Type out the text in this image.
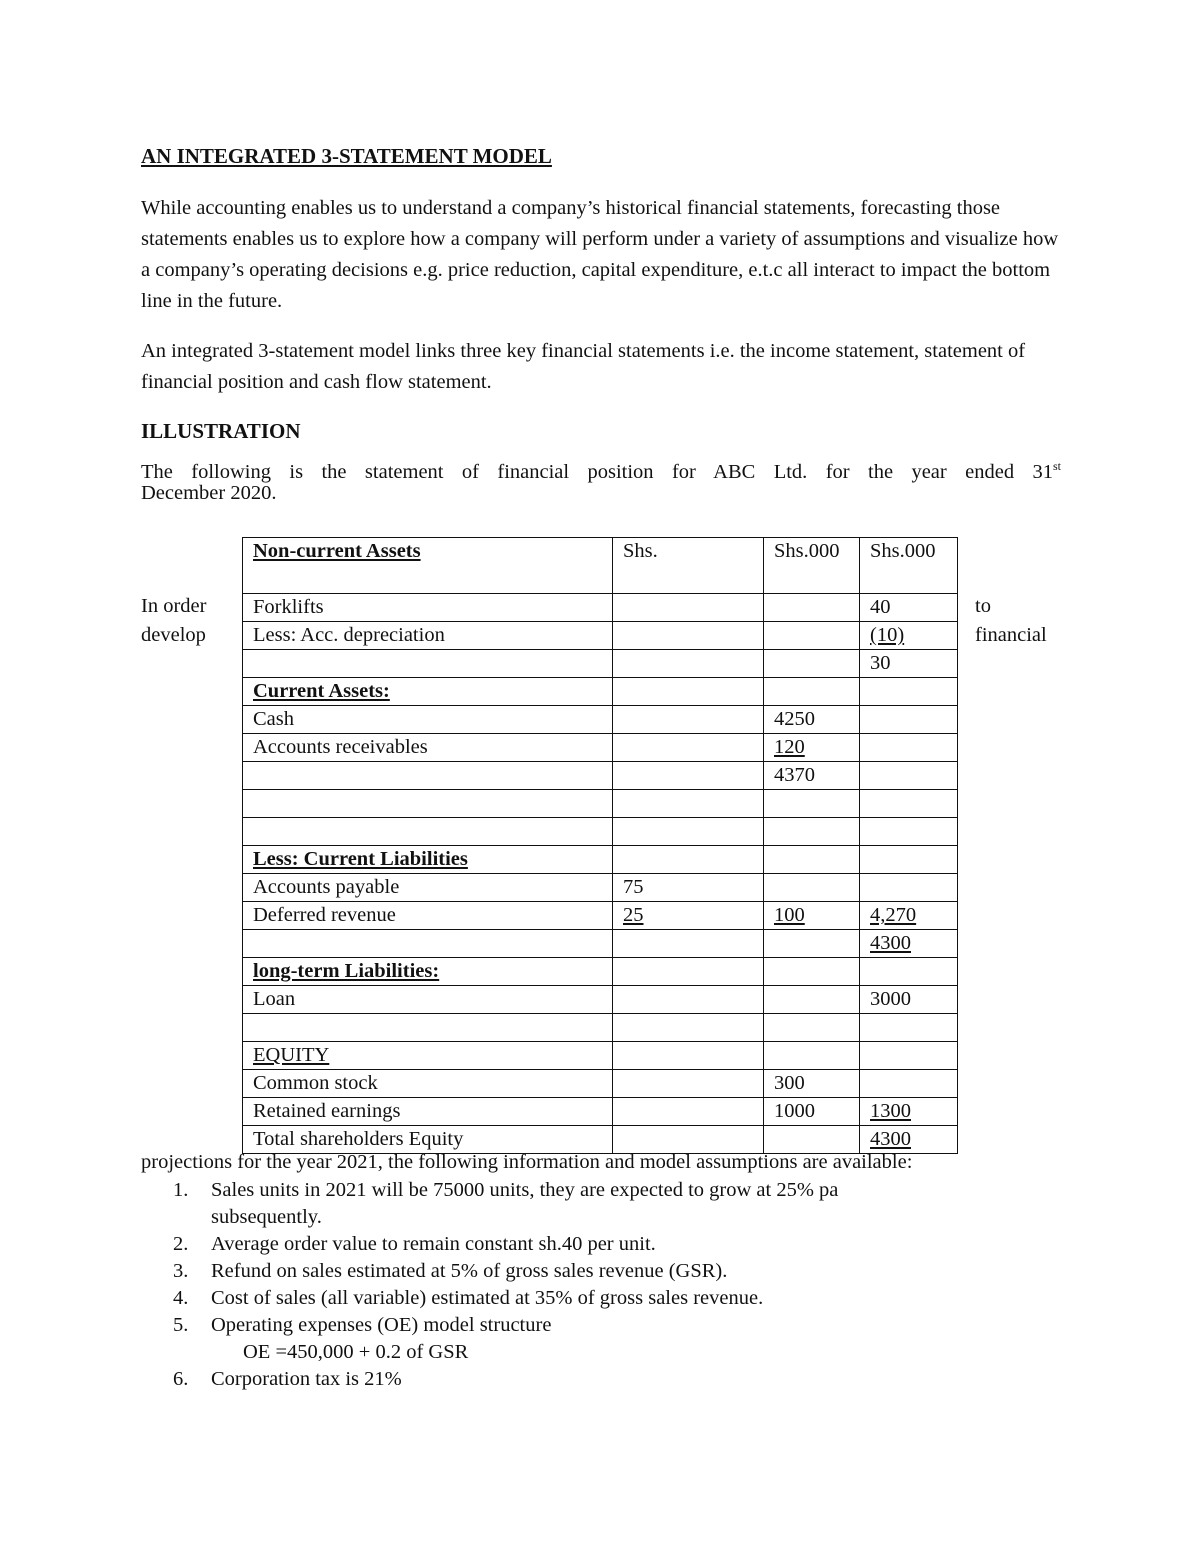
AN INTEGRATED 3-STATEMENT MODEL
While accounting enables us to understand a company’s historical financial statements, forecasting those statements enables us to explore how a company will perform under a variety of assumptions and visualize how a company’s operating decisions e.g. price reduction, capital expenditure, e.t.c all interact to impact the bottom line in the future.
An integrated 3-statement model links three key financial statements i.e. the income statement, statement of financial position and cash flow statement.
ILLUSTRATION
The following is the statement of financial position for ABC Ltd. for the year ended 31st
December 2020.
In order
develop
to
financial
Non-current Assets	Shs.	Shs.000	Shs.000
Forklifts			40
Less: Acc. depreciation			(10)
			30
Current Assets:			
Cash		4250	
Accounts receivables		120	
		4370	

Less: Current Liabilities			
Accounts payable	75		
Deferred revenue	25	100	4,270
			4300
long-term Liabilities:			
Loan			3000

EQUITY			
Common stock		300	
Retained earnings		1000	1300
Total shareholders Equity			4300
projections for the year 2021, the following information and model assumptions are available:
1. Sales units in 2021 will be 75000 units, they are expected to grow at 25% pa
subsequently.
2. Average order value to remain constant sh.40 per unit.
3. Refund on sales estimated at 5% of gross sales revenue (GSR).
4. Cost of sales (all variable) estimated at 35% of gross sales revenue.
5. Operating expenses (OE) model structure
OE =450,000 + 0.2 of GSR
6. Corporation tax is 21%
